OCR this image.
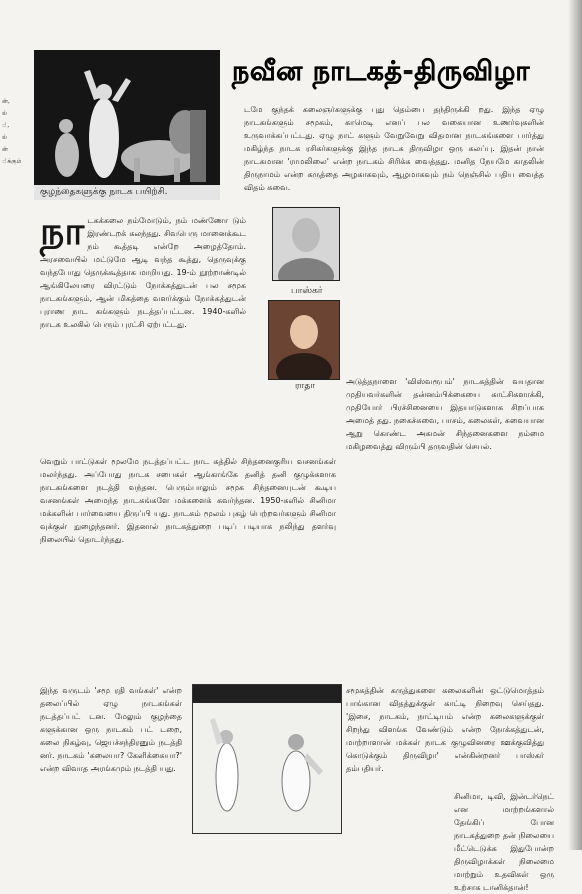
ன்,
ல்
்,
ல்
ன்
்க்கும்
குழந்தைகளுக்கு நாடக பயிற்சி.
நவீன நாடகத்-திருவிழா
டமே குந்தக் கலைஞர்களுக்கு புது தெம்பை தந்திருக்கி றது. இந்த ஏழு நாடகங்களும் சமூகம், காமெடி எனப் பல வகையான உணர்வுகளின் உருவாக்கப்பட்டது. ஏழு நாட் களும் வேறுவேறு விதமான நாடகங்களை பார்த்து மகிழ்ந்த நாடக ரசிகர்களுக்கு இந்த நாடக திருவிழா ஒரு கலப்பு. இதன் நான் நாடகமான 'ராமலிலை' என்ற நாடகம் சிரிக்க வைத்தது. மனித நேயமே காதலின் திருநாமம் என்ற கருத்தை அழகாகவும், ஆழமாகவும் நம் நெஞ்சில் பதிய வைத்த விதம் சுவை.
பாஸ்கர்
ராதா
நா டகக்கலை நம்மோடும், நம் மண்ணோ டும் இரண்டறக் கலந்தது. சிவபெரு மானைக்கூட நம் கூத்தடி என்றே அழைத்தோம். அரசவையில் மட்டுமே ஆடி வந்த கூத்து, தெருவுக்கு வந்தபோது தெருக்கூத்தாக மாறியது. 19-ம் நூற்றாண்டில் ஆங்கிலேயரை விரட்டும் நோக்கத்துடன் பல சமூக நாடகங்களும், ஆன் மிகத்தை வளர்க்கும் நோக்கத்துடன் புராண நாட கங்களும் நடத்தப்பட்டன. 1940-களில் நாடக உலகில் பெரும் புரட்சி ஏற்பட்டது.
வெறும் பாட்டுகள் மூலமே நடத்தப்பட்ட நாட கத்தில் சிந்தனைகுரிய வசனங்கள் மலர்ந்தது. அப்போது நாடக சபைகள் ஆங்காங்கே தனித் தனி குழுக்களாக நாடகங்களை நடத்தி வந்தன. பெரும்பாலும் சமூக சிந்தனையுடன் கூடிய வசனங்கள் அமைந்த நாடகங்களே மக்களைக் கவர்ந்தன. 1950-களில் சினிமா மக்களின் பார்வையை திருப்பி யது. நாடகம் மூலம் புகழ் பெற்றவர்களும் சினிமா வுக்குள் நுழைந்தனர். இதனால் நாடகத்துறை படிப் படியாக நலிந்து தளர்வு நிலையில் தொடர்ந்தது.
அடுத்தநாளை 'விஸ்வரூபம்' நாடகத்தின் வயதான முதியவர்களின் தன்னம்பிக்கையை காட்சிகளாக்கி, முதியோர் பிரச்சினையை இதயாடுகளாக சிறப்பாக அமைத் தது. நகைச்சுவை, பாசம், கலைகள், சுவையான ஆறு கொண்ட அகமன் சிந்தனைகளை நம்மை மகிழவைத்து விரும்பி தருவதின் செயல்.
இந்த வருடம் 'சமூ ரதி வங்கள்' என்ற தலைப்பில் ஏழு நாடகங்கள் நடத்தப்பட் டன. மேலும் குழந்தை களுக்கான ஒரு நாடகம் பட் டறை, கலை நிகழ்வு, ஜெயச்சந்திரனும் நடத்தி னர். நாடகம் 'கலையா? கேளிக்கையா?' என்ற விவாத அரங்கமும் நடத்தி யது.
சமூகத்தின் கருத்துகளை கலைகளின் ஒட்டுமொத்தம் பாங்கான விதத்துக்குள் காட்டி நிறைவு செய்தது. 'இசை, நாடகம், நாட்டியம் என்ற கலைகளுக்குள் சிறந்து விளங்க வேண்டும் என்ற நோக்கத்துடன், மாற்றாளான் மக்கள் நாடக குழுவினரை ஊக்குவித்து கொடுக்கும் திருவிழா' என்கின்றனர் பாஸ்கர் தம்பதியர்.
சினிமா, டிவி, இன்டர்நெட் என மாற்றங்களால் தேங்கிப் போன நாடகத்துறை தன் நிலையை மீட்டெடுக்க இதுபோன்ற திருவிழாக்கள் நிலைமை மாற்றும் உதவிகள் ஒரு உற்சாக டானிக்தான்!
